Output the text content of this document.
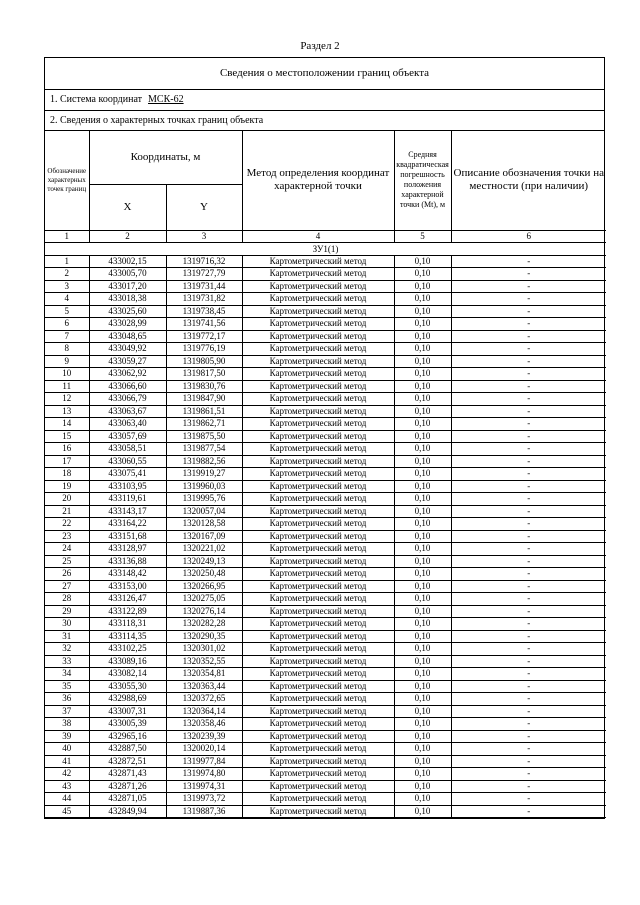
Раздел 2
Сведения о местоположении границ объекта
1. Система координат МСК-62
2. Сведения о характерных точках границ объекта
Обозначение характерных точек границ	Координаты, м		Метод определения координат характерной точки	Средняя квадратическая погрешность положения характерной точки (Mt), м	Описание обозначения точки на местности (при наличии)
	X	Y			
1	2	3	4	5	6
ЗУ1(1)					
1	433002,15	1319716,32	Картометрический метод	0,10	-
2	433005,70	1319727,79	Картометрический метод	0,10	-
3	433017,20	1319731,44	Картометрический метод	0,10	-
4	433018,38	1319731,82	Картометрический метод	0,10	-
5	433025,60	1319738,45	Картометрический метод	0,10	-
6	433028,99	1319741,56	Картометрический метод	0,10	-
7	433048,65	1319772,17	Картометрический метод	0,10	-
8	433049,92	1319776,19	Картометрический метод	0,10	-
9	433059,27	1319805,90	Картометрический метод	0,10	-
10	433062,92	1319817,50	Картометрический метод	0,10	-
11	433066,60	1319830,76	Картометрический метод	0,10	-
12	433066,79	1319847,90	Картометрический метод	0,10	-
13	433063,67	1319861,51	Картометрический метод	0,10	-
14	433063,40	1319862,71	Картометрический метод	0,10	-
15	433057,69	1319875,50	Картометрический метод	0,10	-
16	433058,51	1319877,54	Картометрический метод	0,10	-
17	433060,55	1319882,56	Картометрический метод	0,10	-
18	433075,41	1319919,27	Картометрический метод	0,10	-
19	433103,95	1319960,03	Картометрический метод	0,10	-
20	433119,61	1319995,76	Картометрический метод	0,10	-
21	433143,17	1320057,04	Картометрический метод	0,10	-
22	433164,22	1320128,58	Картометрический метод	0,10	-
23	433151,68	1320167,09	Картометрический метод	0,10	-
24	433128,97	1320221,02	Картометрический метод	0,10	-
25	433136,88	1320249,13	Картометрический метод	0,10	-
26	433148,42	1320250,48	Картометрический метод	0,10	-
27	433153,00	1320266,95	Картометрический метод	0,10	-
28	433126,47	1320275,05	Картометрический метод	0,10	-
29	433122,89	1320276,14	Картометрический метод	0,10	-
30	433118,31	1320282,28	Картометрический метод	0,10	-
31	433114,35	1320290,35	Картометрический метод	0,10	-
32	433102,25	1320301,02	Картометрический метод	0,10	-
33	433089,16	1320352,55	Картометрический метод	0,10	-
34	433082,14	1320354,81	Картометрический метод	0,10	-
35	433055,30	1320363,44	Картометрический метод	0,10	-
36	432988,69	1320372,65	Картометрический метод	0,10	-
37	433007,31	1320364,14	Картометрический метод	0,10	-
38	433005,39	1320358,46	Картометрический метод	0,10	-
39	432965,16	1320239,39	Картометрический метод	0,10	-
40	432887,50	1320020,14	Картометрический метод	0,10	-
41	432872,51	1319977,84	Картометрический метод	0,10	-
42	432871,43	1319974,80	Картометрический метод	0,10	-
43	432871,26	1319974,31	Картометрический метод	0,10	-
44	432871,05	1319973,72	Картометрический метод	0,10	-
45	432849,94	1319887,36	Картометрический метод	0,10	-
